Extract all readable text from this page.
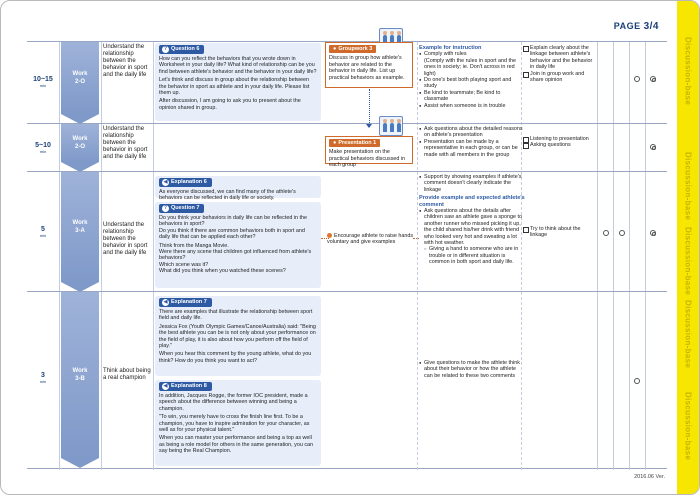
PAGE 3/4
Discussion-base
Discussion-base
Discussion-base
Discussion-base
Discussion-base
10~15
min
Work
2-O
Understand the relationship between the behavior in sport and the daily life
? Question 6
How can you reflect the behaviors that you wrote down in Worksheet in your daily life? What kind of relationship can be you find between athlete's behavior and the behavior in your daily life?

Let's think and discuss in group about the relationship between the behavior in sport as athlete and in your daily life. Please list them up.

After discussion, I am going to ask you to present about the opinion shared in group.

● Groupwork 3
Discuss in group how athlete's behavior are related to the behavior in daily life. List up practical behaviors as example.
Example for instruction
● Comply with rules
(Comply with the rules in sport and the ones in society; ie. Don't across in red light)
● Do one's best both playing sport and study
● Be kind to teammate; Be kind to classmate
● Assist when someone is in trouble
Explain clearly about the linkage between athlete's behavior and the behavior in daily life
Join in group work and share opinion
5~10
min
Work
2-O
Understand the relationship between the behavior in sport and the daily life
● Presentation 1
Make presentation on the practical behaviors discussed in each group
● Ask questions about the detailed reasons on athlete's presentation
● Presentation can be made by a representative in each group, or can be made with all members in the group
Listening to presentation
Asking questions
5
min
Work
3-A
Understand the relationship between the behavior in sport and the daily life
◀ Explanation 6
As everyone discussed, we can find many of the athlete's behaviors can be reflected in daily life or society.
? Question 7
Do you think your behaviors in daily life can be reflected in the behaviors in sport?
Do you think if there are common behaviors both in sport and daily life that can be applied each other?

Think from the Manga Movie.

Were there any scene that children got influenced from athlete's behaviors?
Which scene was it?
What did you think when you watched these scenes?
Encourage athlete to raise hands voluntary and give examples
● Support by showing examples if athlete's comment doesn't clearly indicate the linkage
Provide example and expected athlete's comment
● Ask questions about the details after children saw an athlete gave a sponge to another runner who missed picking it up, the child shared his/her drink with friend who looked very hot and sweating a lot with hot weather.
○ Giving a hand to someone who are in trouble or in different situation is common in both sport and daily life.
Try to think about the linkage
3
min
Work
3-B
Think about being a real champion
◀ Explanation 7
There are examples that illustrate the relationship between sport field and daily life.

Jessica Fox (Youth Olympic Games/Canoe/Australia) said: "Being the best athlete you can be is not only about your performance on the field of play, it is also about how you perform off the field of play."

When you hear this comment by the young athlete, what do you think? How do you think you want to act?

◀ Explanation 8
In addition, Jacques Rogge, the former IOC president, made a speech about the difference between winning and being a champion.

"To win, you merely have to cross the finish line first. To be a champion, you have to inspire admiration for your character, as well as for your physical talent."

When you can master your performance and being a top as well as being a role model for others in the same generation, you can say being the Real Champion.

● Give questions to make the athlete think about their behavior or how the athlete can be related to these two comments
2016.06 Ver.
